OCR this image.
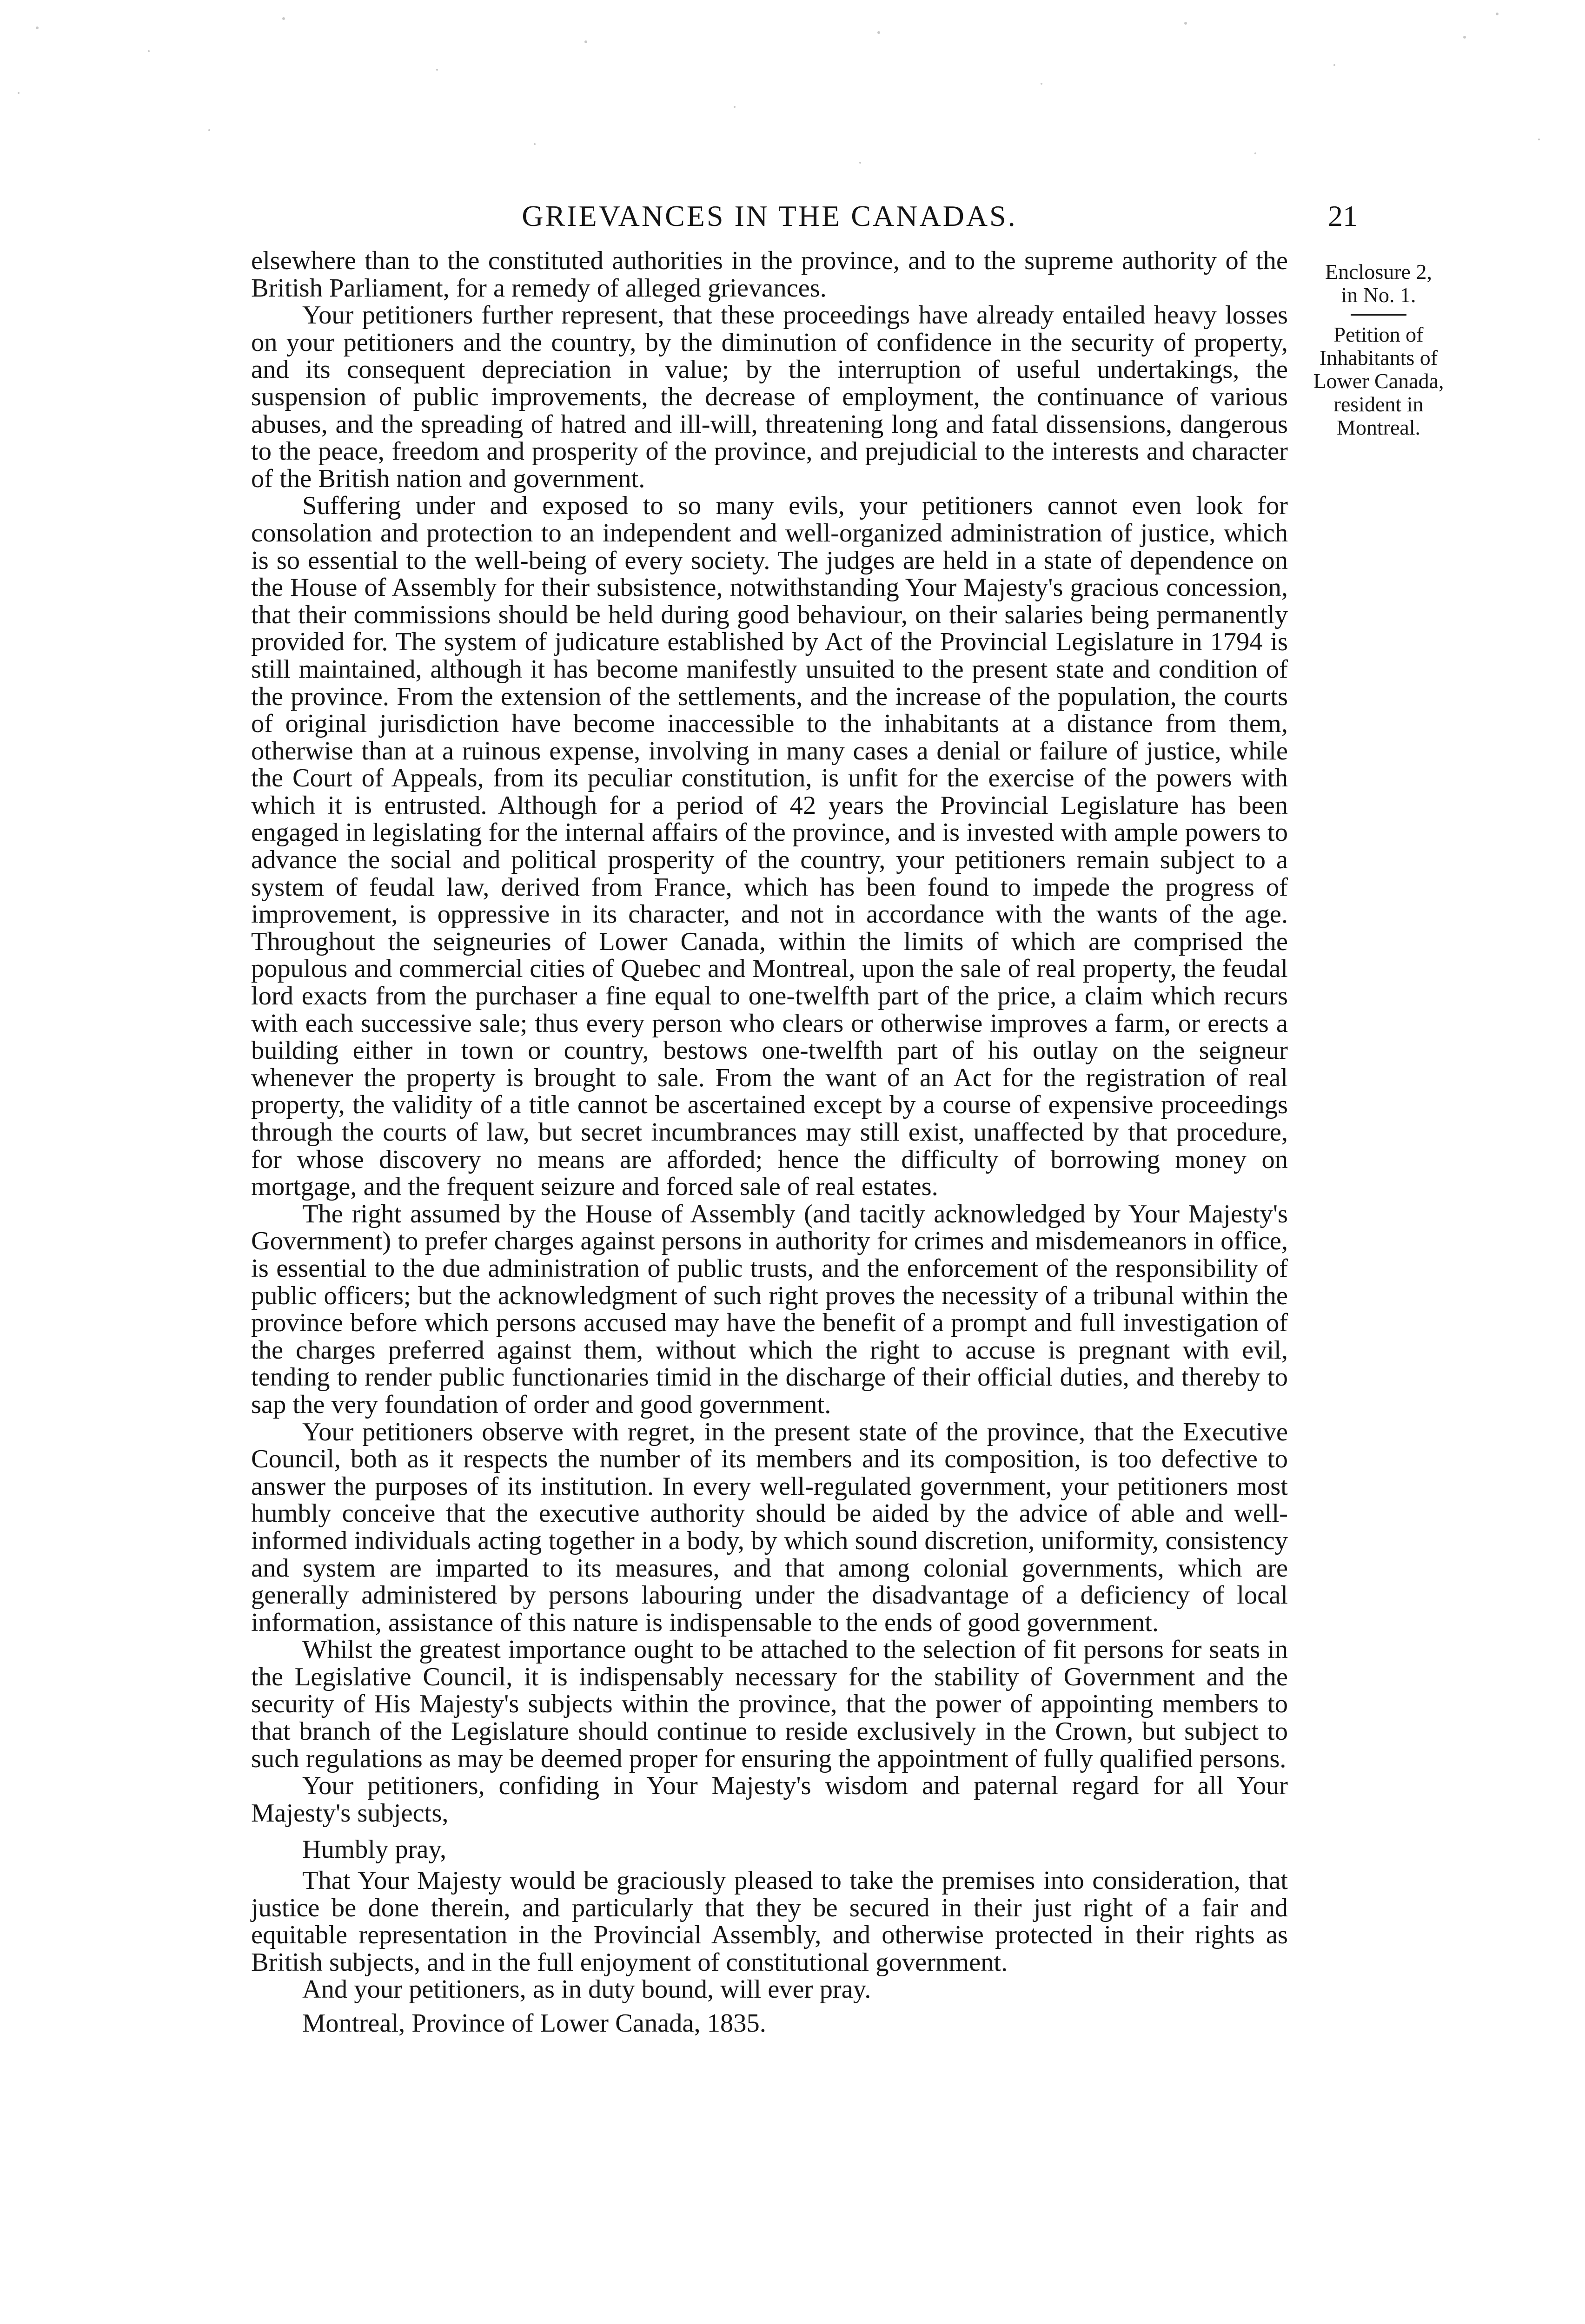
GRIEVANCES IN THE CANADAS.	21

elsewhere than to the constituted authorities in the province, and to the supreme authority of the British Parliament, for a remedy of alleged grievances.

Your petitioners further represent, that these proceedings have already entailed heavy losses on your petitioners and the country, by the diminution of confidence in the security of property, and its consequent depreciation in value; by the interruption of useful undertakings, the suspension of public improvements, the decrease of employment, the continuance of various abuses, and the spreading of hatred and ill-will, threatening long and fatal dissensions, dangerous to the peace, freedom and prosperity of the province, and prejudicial to the interests and character of the British nation and government.

Suffering under and exposed to so many evils, your petitioners cannot even look for consolation and protection to an independent and well-organized administration of justice, which is so essential to the well-being of every society. The judges are held in a state of dependence on the House of Assembly for their subsistence, notwithstanding Your Majesty's gracious concession, that their commissions should be held during good behaviour, on their salaries being permanently provided for. The system of judicature established by Act of the Provincial Legislature in 1794 is still maintained, although it has become manifestly unsuited to the present state and condition of the province. From the extension of the settlements, and the increase of the population, the courts of original jurisdiction have become inaccessible to the inhabitants at a distance from them, otherwise than at a ruinous expense, involving in many cases a denial or failure of justice, while the Court of Appeals, from its peculiar constitution, is unfit for the exercise of the powers with which it is entrusted. Although for a period of 42 years the Provincial Legislature has been engaged in legislating for the internal affairs of the province, and is invested with ample powers to advance the social and political prosperity of the country, your petitioners remain subject to a system of feudal law, derived from France, which has been found to impede the progress of improvement, is oppressive in its character, and not in accordance with the wants of the age. Throughout the seigneuries of Lower Canada, within the limits of which are comprised the populous and commercial cities of Quebec and Montreal, upon the sale of real property, the feudal lord exacts from the purchaser a fine equal to one-twelfth part of the price, a claim which recurs with each successive sale; thus every person who clears or otherwise improves a farm, or erects a building either in town or country, bestows one-twelfth part of his outlay on the seigneur whenever the property is brought to sale. From the want of an Act for the registration of real property, the validity of a title cannot be ascertained except by a course of expensive proceedings through the courts of law, but secret incumbrances may still exist, unaffected by that procedure, for whose discovery no means are afforded; hence the difficulty of borrowing money on mortgage, and the frequent seizure and forced sale of real estates.

The right assumed by the House of Assembly (and tacitly acknowledged by Your Majesty's Government) to prefer charges against persons in authority for crimes and misdemeanors in office, is essential to the due administration of public trusts, and the enforcement of the responsibility of public officers; but the acknowledgment of such right proves the necessity of a tribunal within the province before which persons accused may have the benefit of a prompt and full investigation of the charges preferred against them, without which the right to accuse is pregnant with evil, tending to render public functionaries timid in the discharge of their official duties, and thereby to sap the very foundation of order and good government.

Your petitioners observe with regret, in the present state of the province, that the Executive Council, both as it respects the number of its members and its composition, is too defective to answer the purposes of its institution. In every well-regulated government, your petitioners most humbly conceive that the executive authority should be aided by the advice of able and well-informed individuals acting together in a body, by which sound discretion, uniformity, consistency and system are imparted to its measures, and that among colonial governments, which are generally administered by persons labouring under the disadvantage of a deficiency of local information, assistance of this nature is indispensable to the ends of good government.

Whilst the greatest importance ought to be attached to the selection of fit persons for seats in the Legislative Council, it is indispensably necessary for the stability of Government and the security of His Majesty's subjects within the province, that the power of appointing members to that branch of the Legislature should continue to reside exclusively in the Crown, but subject to such regulations as may be deemed proper for ensuring the appointment of fully qualified persons.

Your petitioners, confiding in Your Majesty's wisdom and paternal regard for all Your Majesty's subjects,

Humbly pray,

That Your Majesty would be graciously pleased to take the premises into consideration, that justice be done therein, and particularly that they be secured in their just right of a fair and equitable representation in the Provincial Assembly, and otherwise protected in their rights as British subjects, and in the full enjoyment of constitutional government.

And your petitioners, as in duty bound, will ever pray.

Montreal, Province of Lower Canada, 1835.

Enclosure 2,
in No. 1.
Petition of
Inhabitants of
Lower Canada,
resident in
Montreal.
